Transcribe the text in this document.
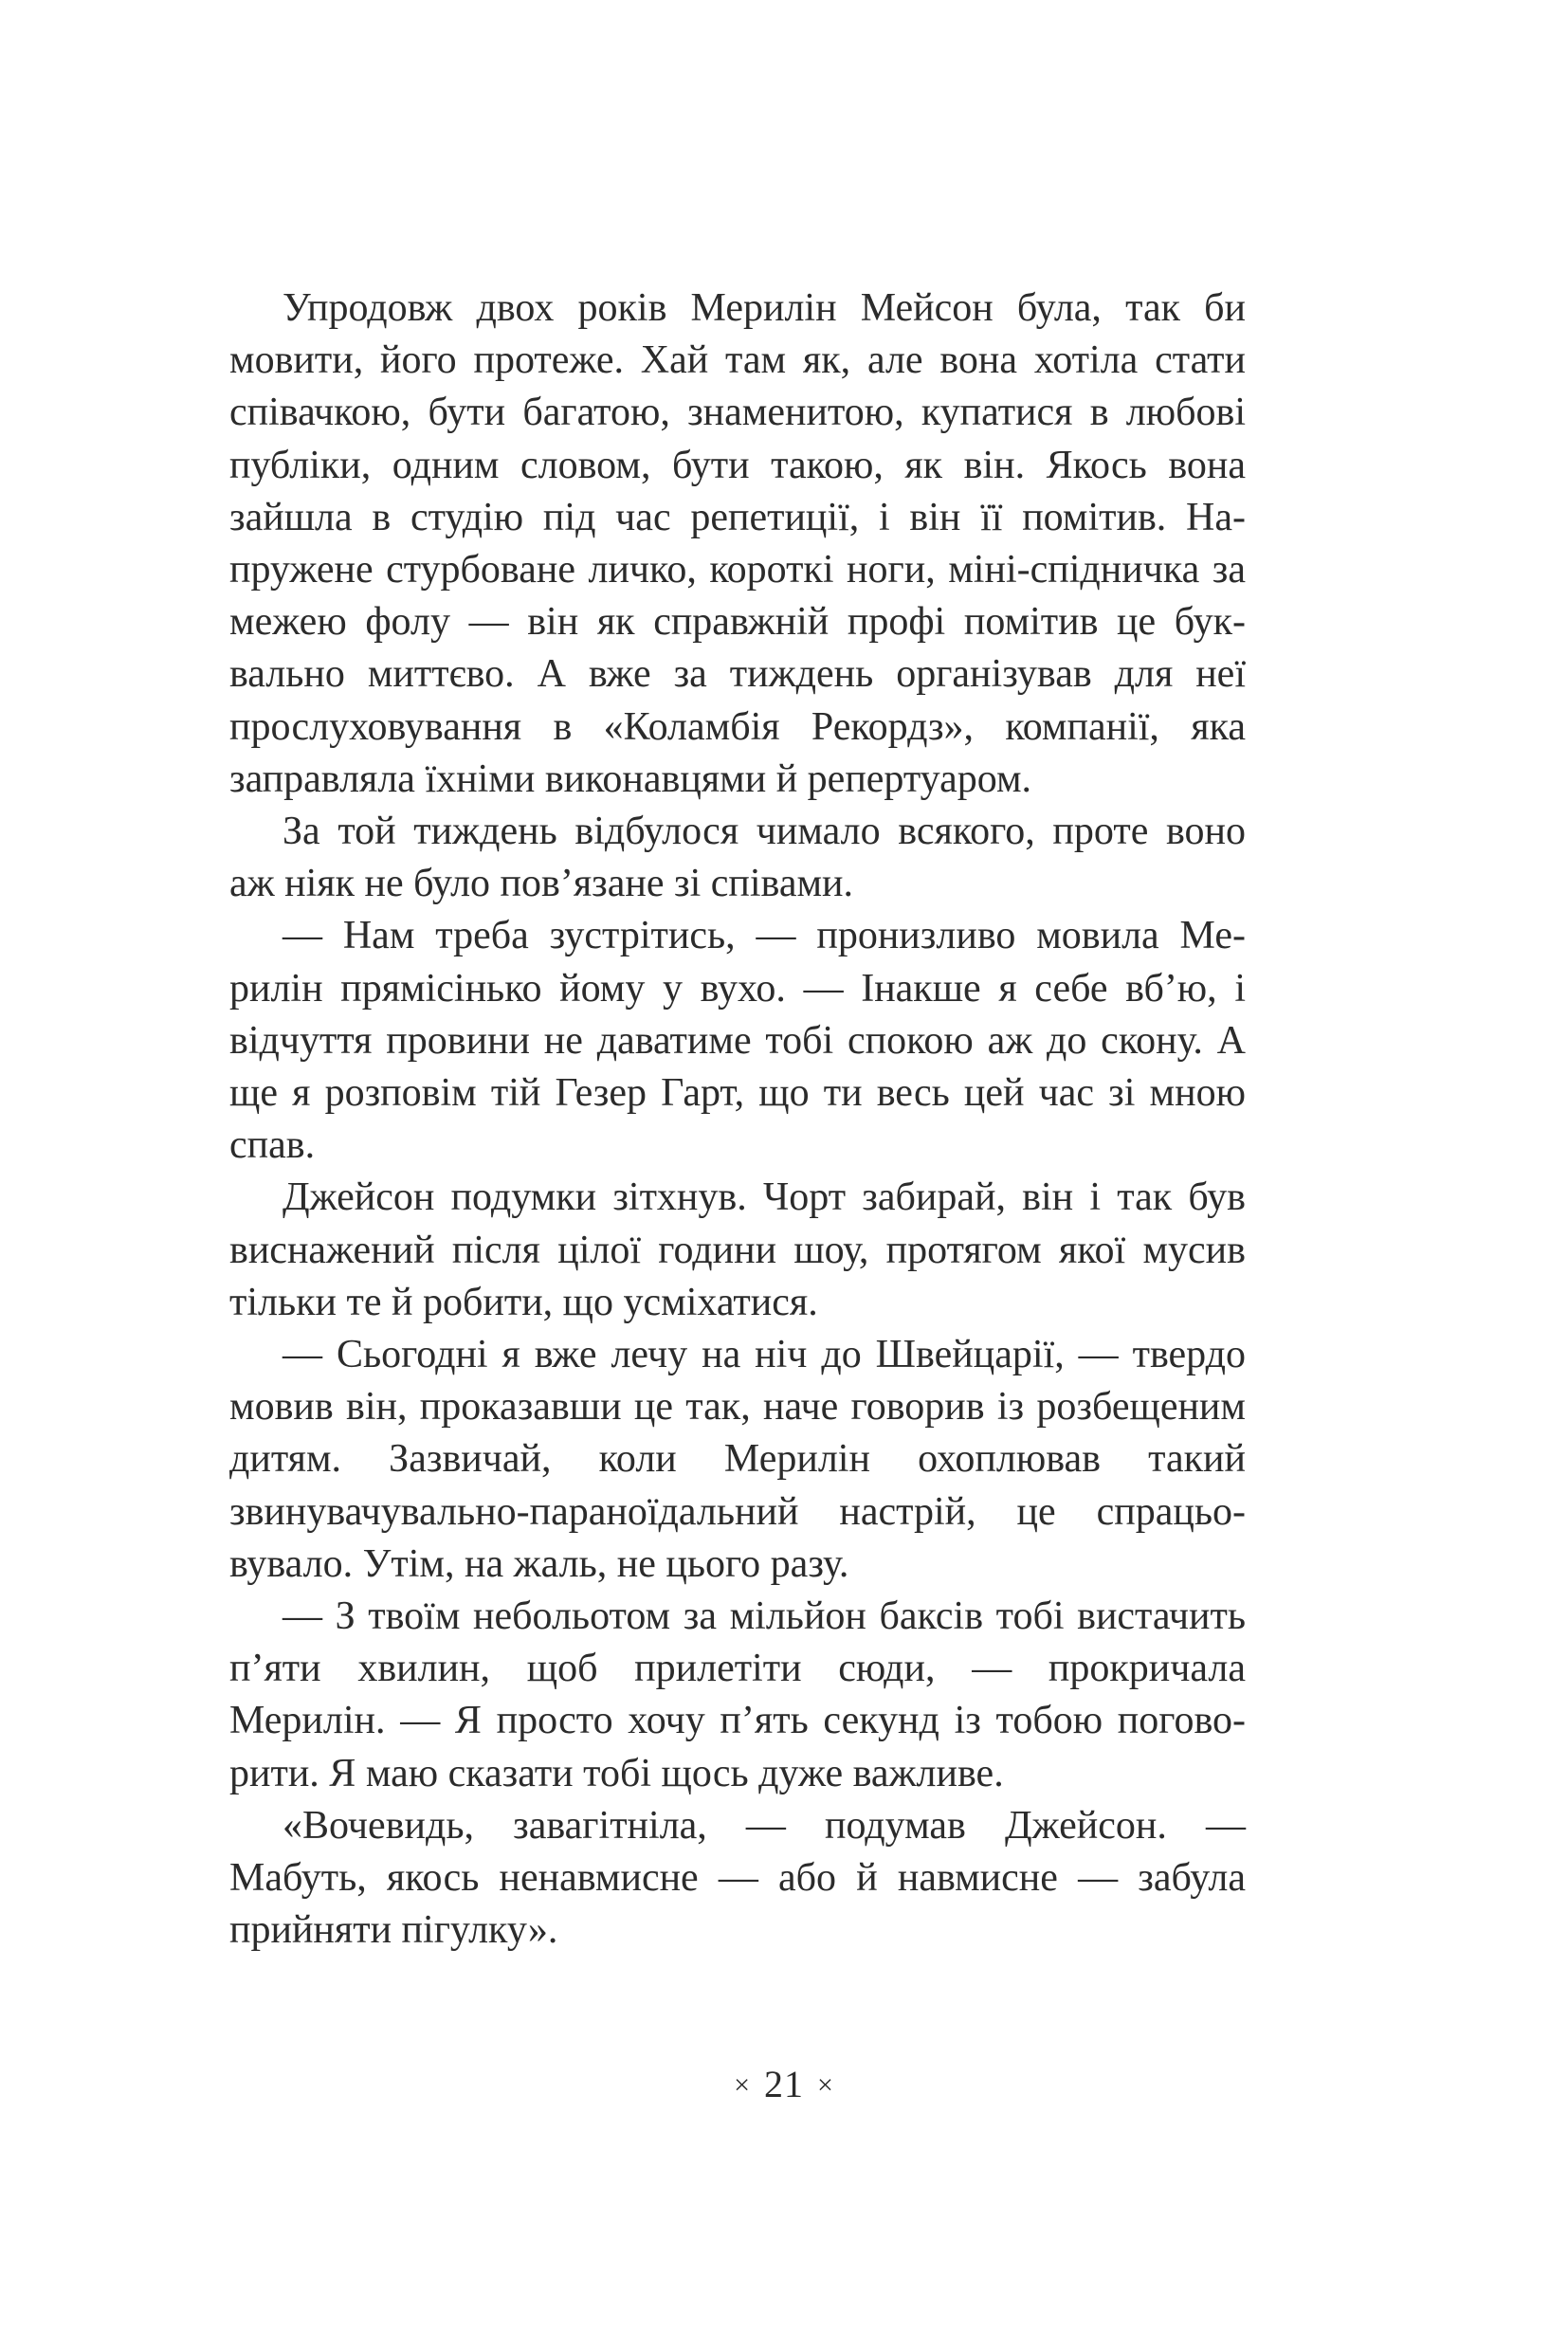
Упродовж двох років Мерилін Мейсон була, так би мовити, його протеже. Хай там як, але вона хотіла стати співачкою, бути багатою, знаменитою, купатися в любові публіки, одним словом, бути такою, як він. Якось вона зайшла в студію під час репетиції, і він її помітив. Напружене стурбоване личко, короткі ноги, міні-спідничка за межею фолу — він як справжній профі помітив це буквально миттєво. А вже за тиждень організував для неї прослуховування в «Коламбія Рекордз», компанії, яка заправляла їхніми виконавцями й репертуаром.

За той тиждень відбулося чимало всякого, проте воно аж ніяк не було пов’язане зі співами.

— Нам треба зустрітись, — пронизливо мовила Мерилін прямісінько йому у вухо. — Інакше я себе вб’ю, і відчуття провини не даватиме тобі спокою аж до скону. А ще я розповім тій Гезер Гарт, що ти весь цей час зі мною спав.

Джейсон подумки зітхнув. Чорт забирай, він і так був виснажений після цілої години шоу, протягом якої мусив тільки те й робити, що усміхатися.

— Сьогодні я вже лечу на ніч до Швейцарії, — твердо мовив він, проказавши це так, наче говорив із розбещеним дитям. Зазвичай, коли Мерилін охоплював такий звинувачувально-параноїдальний настрій, це спрацьовувало. Утім, на жаль, не цього разу.

— З твоїм небольотом за мільйон баксів тобі вистачить п’яти хвилин, щоб прилетіти сюди, — прокричала Мерилін. — Я просто хочу п’ять секунд із тобою поговорити. Я маю сказати тобі щось дуже важливе.

«Вочевидь, завагітніла, — подумав Джейсон. — Мабуть, якось ненавмисне — або й навмисне — забула прийняти пігулку».

× 21 ×
